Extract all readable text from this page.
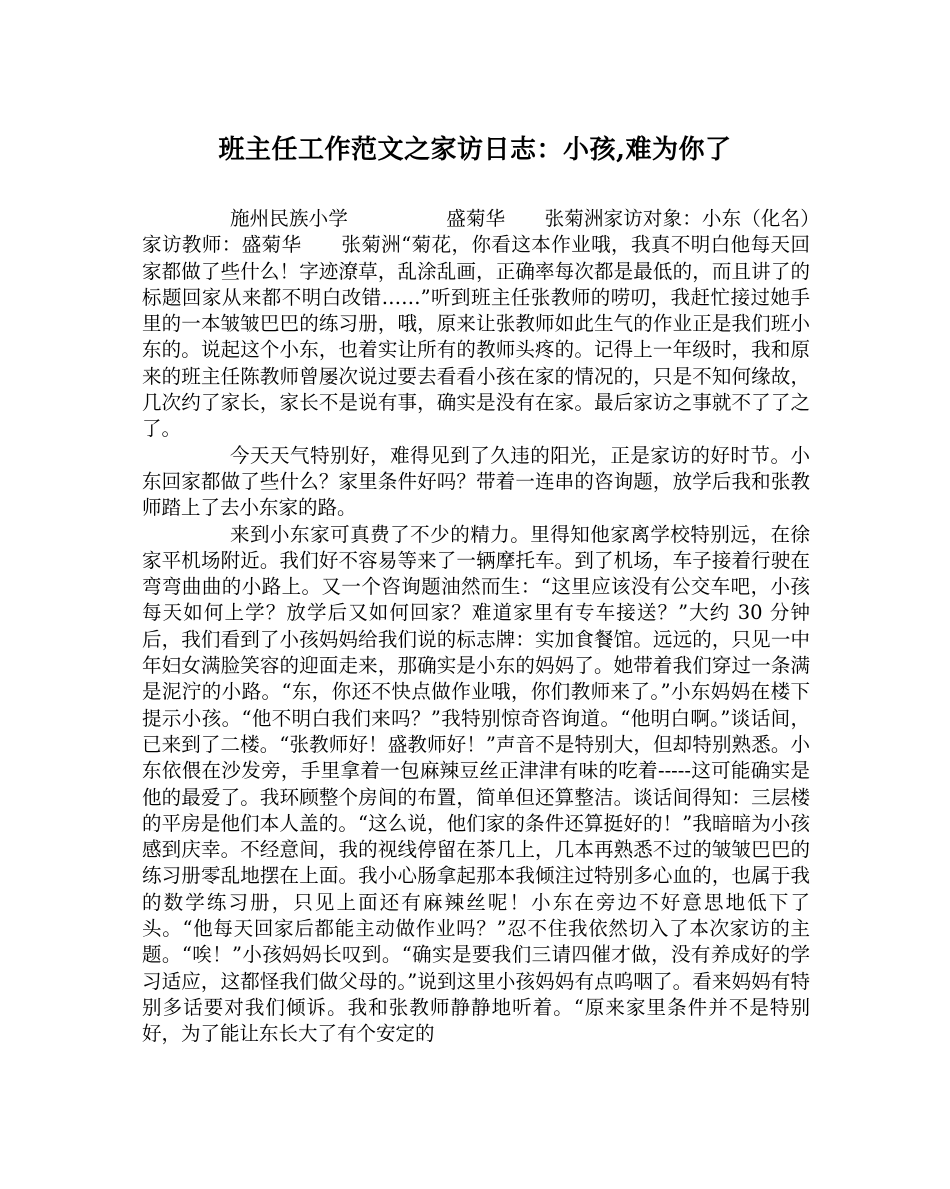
班主任工作范文之家访日志：小孩,难为你了

施州民族小学　　　　　盛菊华　　张菊洲家访对象：小东（化名）家访教师：盛菊华　　张菊洲“菊花，你看这本作业哦，我真不明白他每天回家都做了些什么！字迹潦草，乱涂乱画，正确率每次都是最低的，而且讲了的标题回家从来都不明白改错……”听到班主任张教师的唠叨，我赶忙接过她手里的一本皱皱巴巴的练习册，哦，原来让张教师如此生气的作业正是我们班小东的。说起这个小东，也着实让所有的教师头疼的。记得上一年级时，我和原来的班主任陈教师曾屡次说过要去看看小孩在家的情况的，只是不知何缘故，几次约了家长，家长不是说有事，确实是没有在家。最后家访之事就不了了之了。

今天天气特别好，难得见到了久违的阳光，正是家访的好时节。小东回家都做了些什么？家里条件好吗？带着一连串的咨询题，放学后我和张教师踏上了去小东家的路。

来到小东家可真费了不少的精力。里得知他家离学校特别远，在徐家平机场附近。我们好不容易等来了一辆摩托车。到了机场，车子接着行驶在弯弯曲曲的小路上。又一个咨询题油然而生：“这里应该没有公交车吧，小孩每天如何上学？放学后又如何回家？难道家里有专车接送？”大约 30 分钟后，我们看到了小孩妈妈给我们说的标志牌：实加食餐馆。远远的，只见一中年妇女满脸笑容的迎面走来，那确实是小东的妈妈了。她带着我们穿过一条满是泥泞的小路。“东，你还不快点做作业哦，你们教师来了。”小东妈妈在楼下提示小孩。“他不明白我们来吗？”我特别惊奇咨询道。“他明白啊。”谈话间，已来到了二楼。“张教师好！盛教师好！”声音不是特别大，但却特别熟悉。小东依偎在沙发旁，手里拿着一包麻辣豆丝正津津有味的吃着-----这可能确实是他的最爱了。我环顾整个房间的布置，简单但还算整洁。谈话间得知：三层楼的平房是他们本人盖的。“这么说，他们家的条件还算挺好的！”我暗暗为小孩感到庆幸。不经意间，我的视线停留在茶几上，几本再熟悉不过的皱皱巴巴的练习册零乱地摆在上面。我小心肠拿起那本我倾注过特别多心血的，也属于我的数学练习册，只见上面还有麻辣丝呢！小东在旁边不好意思地低下了头。“他每天回家后都能主动做作业吗？”忍不住我依然切入了本次家访的主题。“唉！”小孩妈妈长叹到。“确实是要我们三请四催才做，没有养成好的学习适应，这都怪我们做父母的。”说到这里小孩妈妈有点呜咽了。看来妈妈有特别多话要对我们倾诉。我和张教师静静地听着。“原来家里条件并不是特别好，为了能让东长大了有个安定的
